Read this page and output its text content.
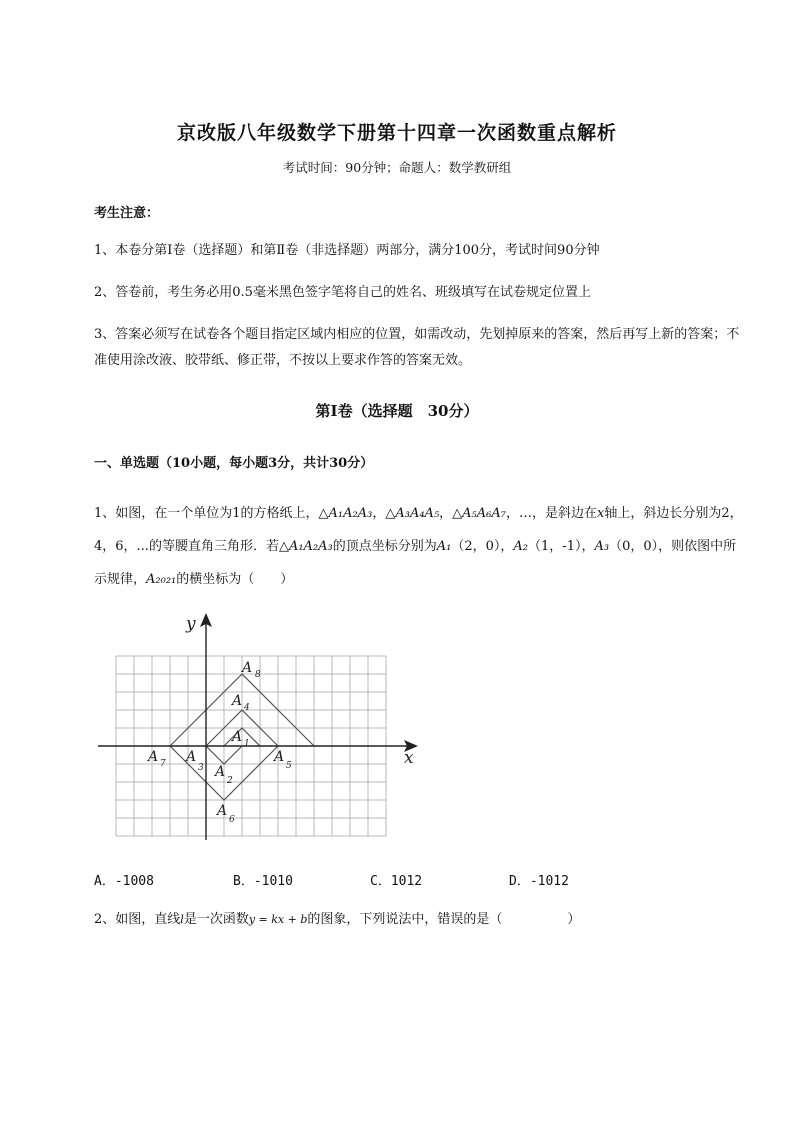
京改版八年级数学下册第十四章一次函数重点解析
考试时间：90分钟；命题人：数学教研组
考生注意：
1、本卷分第Ⅰ卷（选择题）和第Ⅱ卷（非选择题）两部分，满分100分，考试时间90分钟
2、答卷前，考生务必用0.5毫米黑色签字笔将自己的姓名、班级填写在试卷规定位置上
3、答案必须写在试卷各个题目指定区域内相应的位置，如需改动，先划掉原来的答案，然后再写上新的答案；不准使用涂改液、胶带纸、修正带，不按以上要求作答的答案无效。
第Ⅰ卷（选择题　30分）
一、单选题（10小题，每小题3分，共计30分）
1、如图，在一个单位为1的方格纸上，△A₁A₂A₃，△A₃A₄A₅，△A₅A₆A₇，…，是斜边在x轴上，斜边长分别为2，4，6，...的等腰直角三角形．若△A₁A₂A₃的顶点坐标分别为A₁（2，0），A₂（1，-1），A₃（0，0），则依图中所示规律，A₂₀₂₁的横坐标为（　　）
y
x
A 8
A 4
A 1
A 7 A
3 A
2
A
5
A
6
A．-1008	B．-1010	C．1012	D．-1012
2、如图，直线l是一次函数y = kx + b的图象，下列说法中，错误的是（　　　　　）
